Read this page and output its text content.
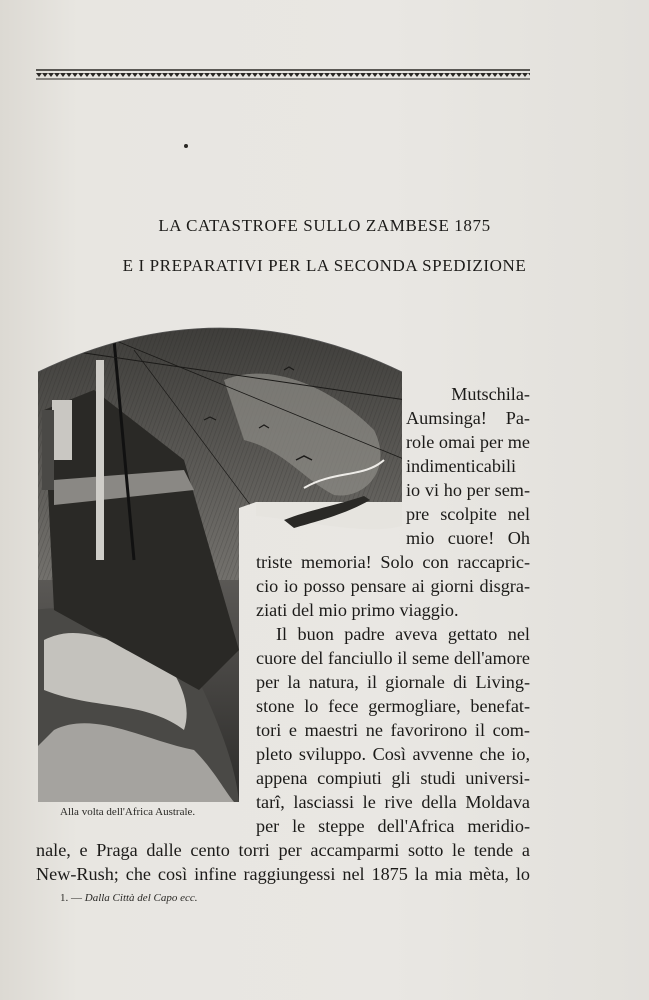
LA CATASTROFE SULLO ZAMBESE 1875
E I PREPARATIVI PER LA SECONDA SPEDIZIONE
Alla volta dell'Africa Australe.
Mutschila-
Aumsinga! Pa-
role omai per me
indimenticabili
io vi ho per sem-
pre scolpite nel
mio cuore! Oh
triste memoria! Solo con raccapric-
cio io posso pensare ai giorni disgra-
ziati del mio primo viaggio.
Il buon padre aveva gettato nel
cuore del fanciullo il seme dell'amore
per la natura, il giornale di Living-
stone lo fece germogliare, benefat-
tori e maestri ne favorirono il com-
pleto sviluppo. Così avvenne che io,
appena compiuti gli studi universi-
tarî, lasciassi le rive della Moldava
per le steppe dell'Africa meridio-
nale, e Praga dalle cento torri per accamparmi sotto le tende a
New-Rush; che così infine raggiungessi nel 1875 la mia mèta, lo
1. — Dalla Città del Capo ecc.
